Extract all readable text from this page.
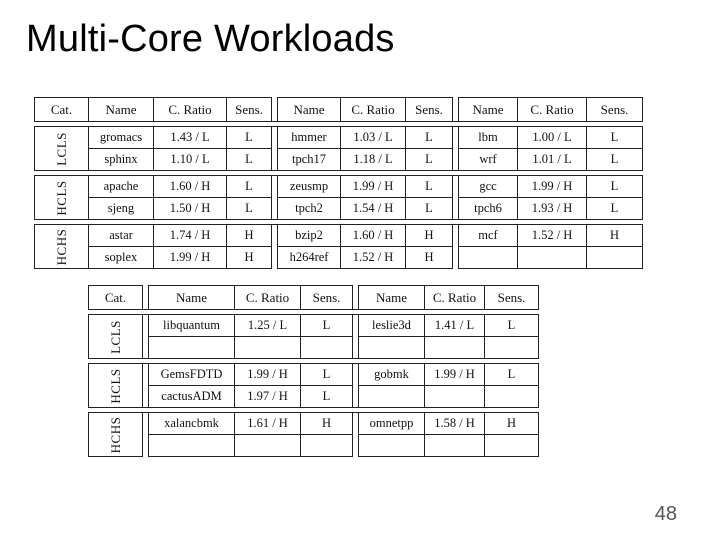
Multi-Core Workloads
Cat.	Name	C. Ratio	Sens.		Name	C. Ratio	Sens.		Name	C. Ratio	Sens.

LCLS	gromacs	1.43 / L	L		hmmer	1.03 / L	L		lbm	1.00 / L	L
	sphinx	1.10 / L	L		tpch17	1.18 / L	L		wrf	1.01 / L	L

HCLS	apache	1.60 / H	L		zeusmp	1.99 / H	L		gcc	1.99 / H	L
	sjeng	1.50 / H	L		tpch2	1.54 / H	L		tpch6	1.93 / H	L

HCHS	astar	1.74 / H	H		bzip2	1.60 / H	H		mcf	1.52 / H	H
	soplex	1.99 / H	H		h264ref	1.52 / H	H				
Cat.		Name	C. Ratio	Sens.		Name	C. Ratio	Sens.

LCLS		libquantum	1.25 / L	L		leslie3d	1.41 / L	L

HCLS		GemsFDTD	1.99 / H	L		gobmk	1.99 / H	L
		cactusADM	1.97 / H	L				

HCHS		xalancbmk	1.61 / H	H		omnetpp	1.58 / H	H

48
